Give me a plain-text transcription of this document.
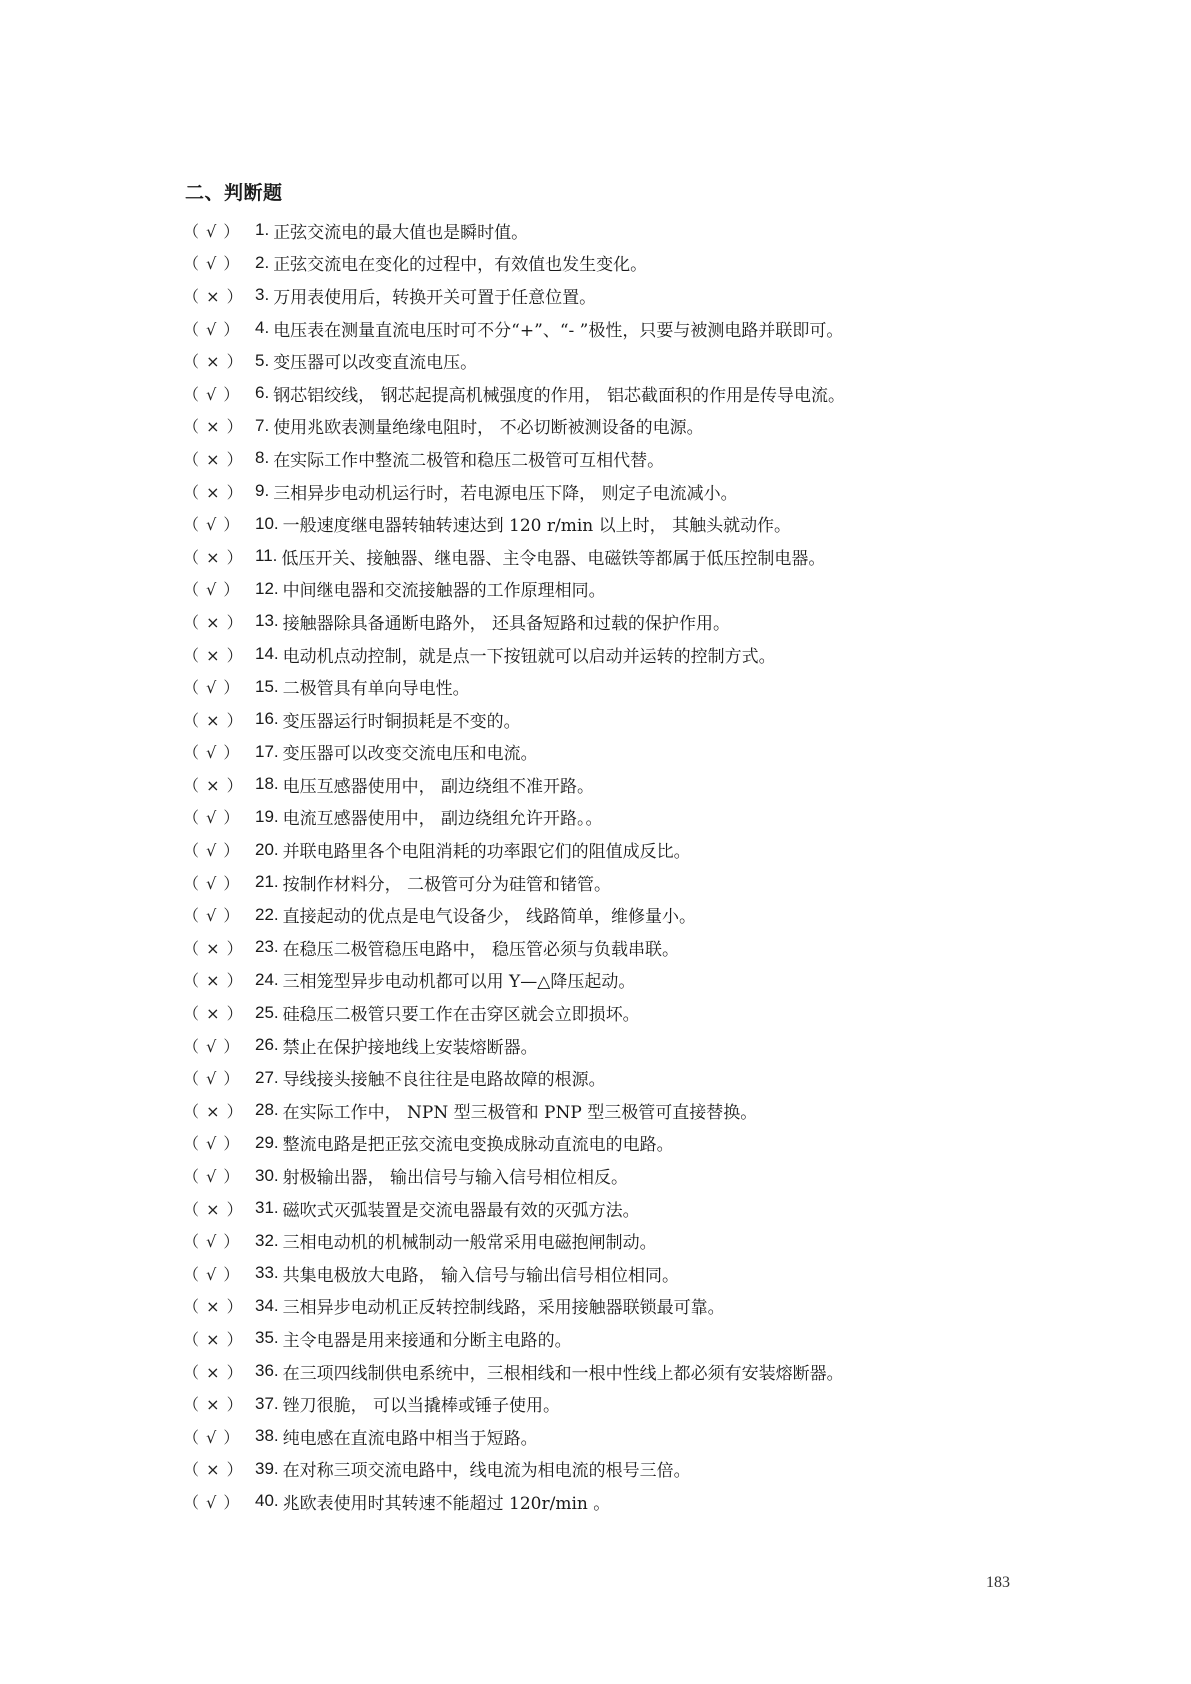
二、判断题
（ √ ） 1. 正弦交流电的最大值也是瞬时值。
（ √ ） 2. 正弦交流电在变化的过程中，有效值也发生变化。
（ × ） 3. 万用表使用后，转换开关可置于任意位置。
（ √ ） 4. 电压表在测量直流电压时可不分“+”、“- ”极性，只要与被测电路并联即可。
（ × ） 5. 变压器可以改变直流电压。
（ √ ） 6. 钢芯铝绞线， 钢芯起提高机械强度的作用， 铝芯截面积的作用是传导电流。
（ × ） 7. 使用兆欧表测量绝缘电阻时， 不必切断被测设备的电源。
（ × ） 8. 在实际工作中整流二极管和稳压二极管可互相代替。
（ × ） 9. 三相异步电动机运行时，若电源电压下降， 则定子电流减小。
（ √ ） 10. 一般速度继电器转轴转速达到 120 r/min 以上时， 其触头就动作。
（ × ） 11. 低压开关、接触器、继电器、主令电器、电磁铁等都属于低压控制电器。
（ √ ） 12. 中间继电器和交流接触器的工作原理相同。
（ × ） 13. 接触器除具备通断电路外， 还具备短路和过载的保护作用。
（ × ） 14. 电动机点动控制，就是点一下按钮就可以启动并运转的控制方式。
（ √ ） 15. 二极管具有单向导电性。
（ × ） 16. 变压器运行时铜损耗是不变的。
（ √ ） 17. 变压器可以改变交流电压和电流。
（ × ） 18. 电压互感器使用中， 副边绕组不准开路。
（ √ ） 19. 电流互感器使用中， 副边绕组允许开路。。
（ √ ） 20. 并联电路里各个电阻消耗的功率跟它们的阻值成反比。
（ √ ） 21. 按制作材料分， 二极管可分为硅管和锗管。
（ √ ） 22. 直接起动的优点是电气设备少， 线路简单，维修量小。
（ × ） 23. 在稳压二极管稳压电路中， 稳压管必须与负载串联。
（ × ） 24. 三相笼型异步电动机都可以用 Y—△降压起动。
（ × ） 25. 硅稳压二极管只要工作在击穿区就会立即损坏。
（ √ ） 26. 禁止在保护接地线上安装熔断器。
（ √ ） 27. 导线接头接触不良往往是电路故障的根源。
（ × ） 28. 在实际工作中， NPN 型三极管和 PNP 型三极管可直接替换。
（ √ ） 29. 整流电路是把正弦交流电变换成脉动直流电的电路。
（ √ ） 30. 射极输出器， 输出信号与输入信号相位相反。
（ × ） 31. 磁吹式灭弧装置是交流电器最有效的灭弧方法。
（ √ ） 32. 三相电动机的机械制动一般常采用电磁抱闸制动。
（ √ ） 33. 共集电极放大电路， 输入信号与输出信号相位相同。
（ × ） 34. 三相异步电动机正反转控制线路，采用接触器联锁最可靠。
（ × ） 35. 主令电器是用来接通和分断主电路的。
（ × ） 36. 在三项四线制供电系统中，三根相线和一根中性线上都必须有安装熔断器。
（ × ） 37. 锉刀很脆， 可以当撬棒或锤子使用。
（ √ ） 38. 纯电感在直流电路中相当于短路。
（ × ） 39. 在对称三项交流电路中，线电流为相电流的根号三倍。
（ √ ） 40. 兆欧表使用时其转速不能超过 120r/min 。
183
